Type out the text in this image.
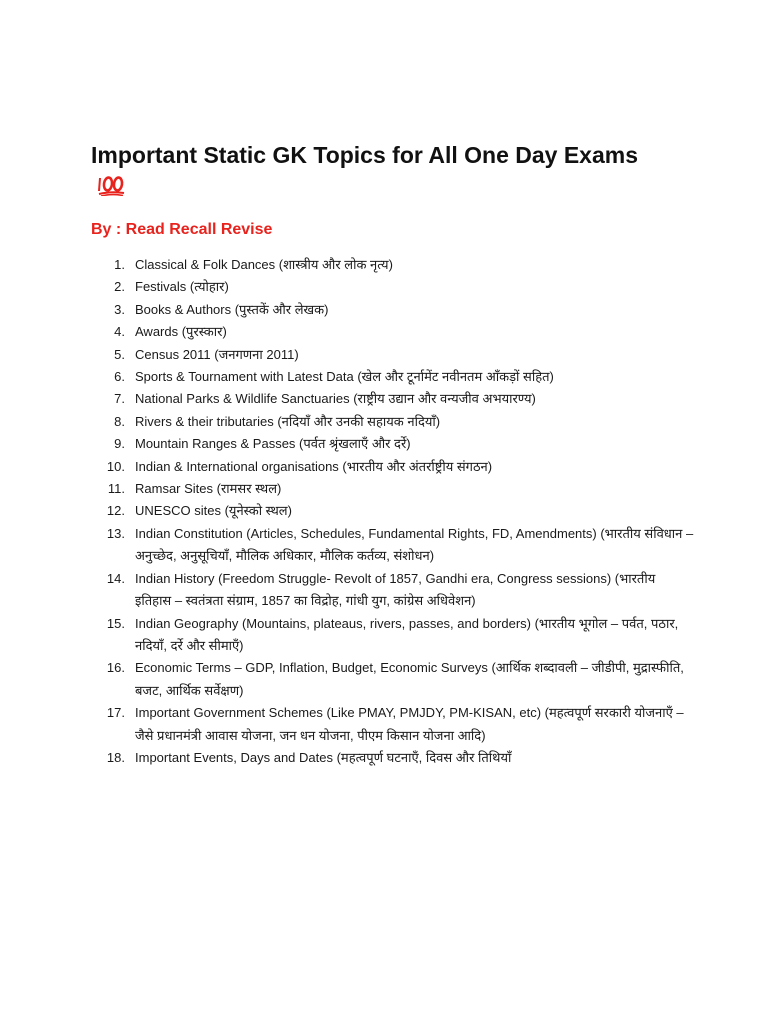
Important Static GK Topics for All One Day Exams

By : Read Recall Revise

1. Classical & Folk Dances (शास्त्रीय और लोक नृत्य)
2. Festivals (त्योहार)
3. Books & Authors (पुस्तकें और लेखक)
4. Awards (पुरस्कार)
5. Census 2011 (जनगणना 2011)
6. Sports & Tournament with Latest Data (खेल और टूर्नामेंट नवीनतम आँकड़ों सहित)
7. National Parks & Wildlife Sanctuaries (राष्ट्रीय उद्यान और वन्यजीव अभयारण्य)
8. Rivers & their tributaries (नदियाँ और उनकी सहायक नदियाँ)
9. Mountain Ranges & Passes (पर्वत श्रृंखलाएँ और दर्रे)
10. Indian & International organisations (भारतीय और अंतर्राष्ट्रीय संगठन)
11. Ramsar Sites (रामसर स्थल)
12. UNESCO sites (यूनेस्को स्थल)
13. Indian Constitution (Articles, Schedules, Fundamental Rights, FD, Amendments) (भारतीय संविधान – अनुच्छेद, अनुसूचियाँ, मौलिक अधिकार, मौलिक कर्तव्य, संशोधन)
14. Indian History (Freedom Struggle- Revolt of 1857, Gandhi era, Congress sessions) (भारतीय इतिहास – स्वतंत्रता संग्राम, 1857 का विद्रोह, गांधी युग, कांग्रेस अधिवेशन)
15. Indian Geography (Mountains, plateaus, rivers, passes, and borders) (भारतीय भूगोल – पर्वत, पठार, नदियाँ, दर्रे और सीमाएँ)
16. Economic Terms – GDP, Inflation, Budget, Economic Surveys (आर्थिक शब्दावली – जीडीपी, मुद्रास्फीति, बजट, आर्थिक सर्वेक्षण)
17. Important Government Schemes (Like PMAY, PMJDY, PM-KISAN, etc) (महत्वपूर्ण सरकारी योजनाएँ – जैसे प्रधानमंत्री आवास योजना, जन धन योजना, पीएम किसान योजना आदि)
18. Important Events, Days and Dates (महत्वपूर्ण घटनाएँ, दिवस और तिथियाँ
